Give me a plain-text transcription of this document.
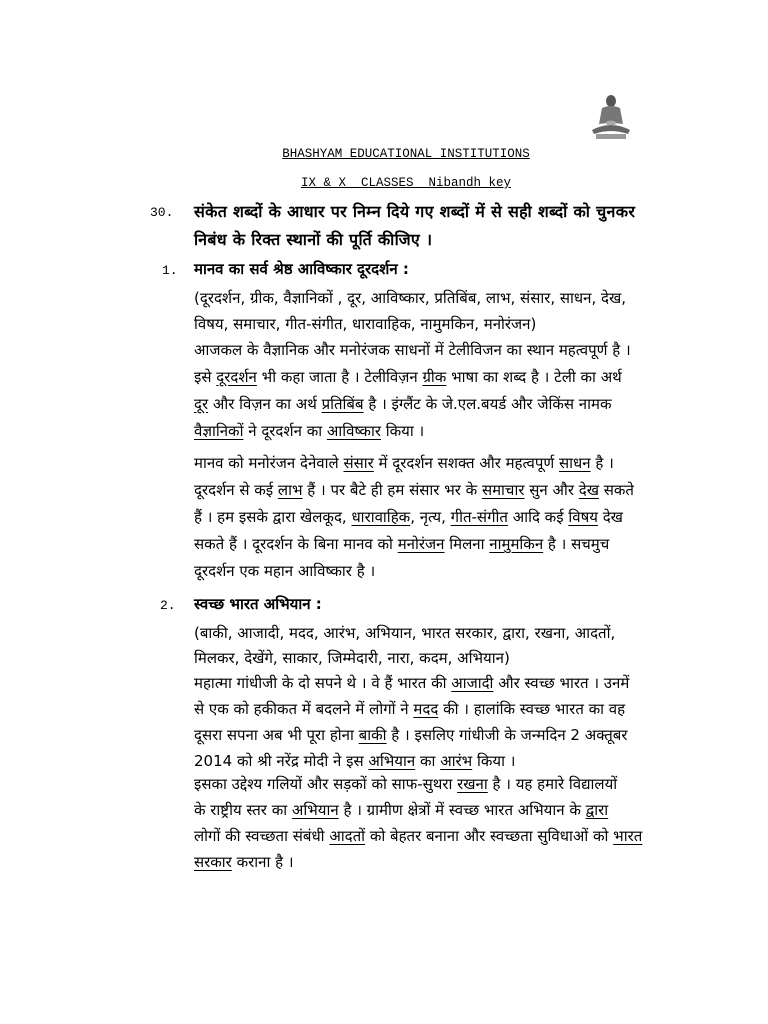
BHASHYAM EDUCATIONAL INSTITUTIONS
IX & X  CLASSES_ Nibandh key
30. संकेत शब्दों के आधार पर निम्न दिये गए शब्दों में से सही शब्दों को चुनकर
निबंध के रिक्त स्थानों की पूर्ति कीजिए ।
1. मानव का सर्व श्रेष्ठ आविष्कार दूरदर्शन :
(दूरदर्शन, ग्रीक, वैज्ञानिकों , दूर, आविष्कार, प्रतिबिंब, लाभ, संसार, साधन, देख,
विषय, समाचार, गीत-संगीत, धारावाहिक, नामुमकिन, मनोरंजन)
आजकल के वैज्ञानिक और मनोरंजक साधनों में टेलीविजन का स्थान महत्वपूर्ण है ।
इसे दूरदर्शन भी कहा जाता है । टेलीविज़न ग्रीक भाषा का शब्द है । टेली का अर्थ
दूर और विज़न का अर्थ प्रतिबिंब है । इंग्लैंट के जे.एल.बयर्ड और जेकिंस नामक
वैज्ञानिकों ने दूरदर्शन का आविष्कार किया ।
मानव को मनोरंजन देनेवाले संसार में दूरदर्शन सशक्त और महत्वपूर्ण साधन है ।
दूरदर्शन से कई लाभ हैं । पर बैटे ही हम संसार भर के समाचार सुन और देख सकते
हैं । हम इसके द्वारा खेलकूद, धारावाहिक, नृत्य, गीत-संगीत आदि कई विषय देख
सकते हैं । दूरदर्शन के बिना मानव को मनोरंजन मिलना नामुमकिन है । सचमुच
दूरदर्शन एक महान आविष्कार है ।
2. स्वच्छ भारत अभियान :
(बाकी, आजादी, मदद, आरंभ, अभियान, भारत सरकार, द्वारा, रखना, आदतों,
मिलकर, देखेंगे, साकार, जिम्मेदारी, नारा, कदम, अभियान)
महात्मा गांधीजी के दो सपने थे । वे हैं भारत की आजादी और स्वच्छ भारत । उनमें
से एक को हकीकत में बदलने में लोगों ने मदद की । हालांकि स्वच्छ भारत का वह
दूसरा सपना अब भी पूरा होना बाकी है । इसलिए गांधीजी के जन्मदिन 2 अक्तूबर
2014 को श्री नरेंद्र मोदी ने इस अभियान का आरंभ किया ।
इसका उद्देश्य गलियों और सड़कों को साफ-सुथरा रखना है । यह हमारे विद्यालयों
के राष्ट्रीय स्तर का अभियान है । ग्रामीण क्षेत्रों में स्वच्छ भारत अभियान के द्वारा
लोगों की स्वच्छता संबंधी आदतों को बेहतर बनाना और स्वच्छता सुविधाओं को भारत
सरकार कराना है ।
